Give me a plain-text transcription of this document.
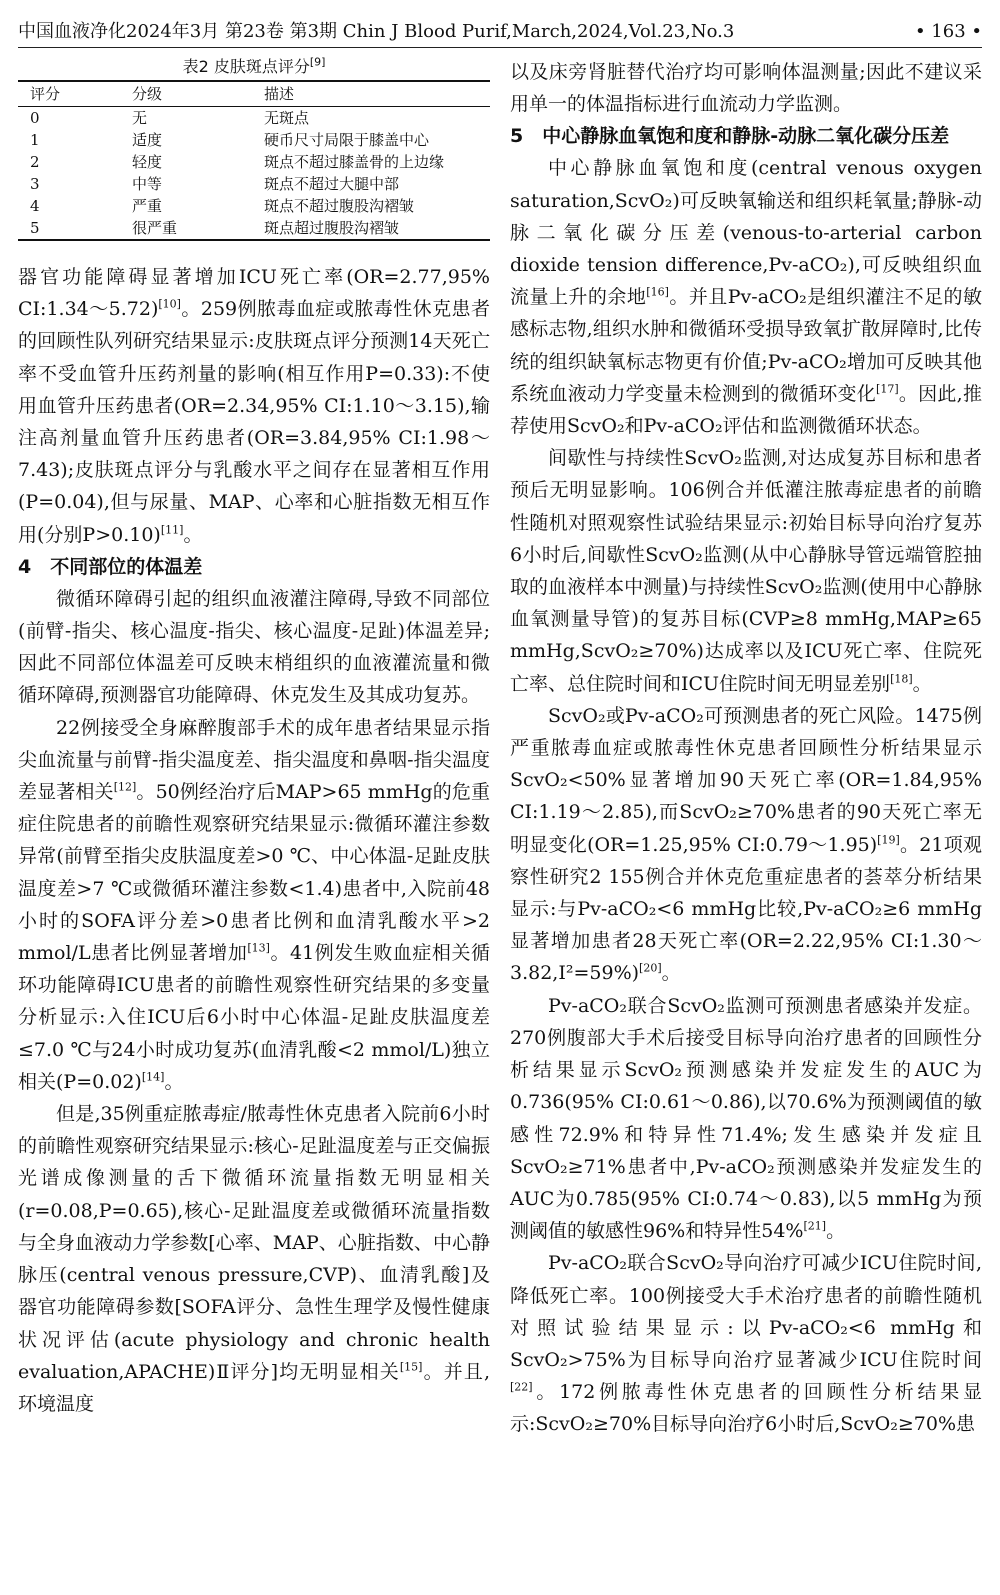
中国血液净化2024年3月 第23卷 第3期 Chin J Blood Purif,March,2024,Vol.23,No.3	• 163 •
表2 皮肤斑点评分[9]
评分	分级	描述
0	无	无斑点
1	适度	硬币尺寸局限于膝盖中心
2	轻度	斑点不超过膝盖骨的上边缘
3	中等	斑点不超过大腿中部
4	严重	斑点不超过腹股沟褶皱
5	很严重	斑点超过腹股沟褶皱

器官功能障碍显著增加ICU死亡率(OR=2.77,95% CI:1.34～5.72)[10]。259例脓毒血症或脓毒性休克患者的回顾性队列研究结果显示:皮肤斑点评分预测14天死亡率不受血管升压药剂量的影响(相互作用P=0.33):不使用血管升压药患者(OR=2.34,95% CI:1.10～3.15),输注高剂量血管升压药患者(OR=3.84,95% CI:1.98～7.43);皮肤斑点评分与乳酸水平之间存在显著相互作用(P=0.04),但与尿量、MAP、心率和心脏指数无相互作用(分别P>0.10)[11]。

4　不同部位的体温差

微循环障碍引起的组织血液灌注障碍,导致不同部位(前臂-指尖、核心温度-指尖、核心温度-足趾)体温差异;因此不同部位体温差可反映末梢组织的血液灌流量和微循环障碍,预测器官功能障碍、休克发生及其成功复苏。

22例接受全身麻醉腹部手术的成年患者结果显示指尖血流量与前臂-指尖温度差、指尖温度和鼻咽-指尖温度差显著相关[12]。50例经治疗后MAP>65 mmHg的危重症住院患者的前瞻性观察研究结果显示:微循环灌注参数异常(前臂至指尖皮肤温度差>0 ℃、中心体温-足趾皮肤温度差>7 ℃或微循环灌注参数<1.4)患者中,入院前48小时的SOFA评分差>0患者比例和血清乳酸水平>2 mmol/L患者比例显著增加[13]。41例发生败血症相关循环功能障碍ICU患者的前瞻性观察性研究结果的多变量分析显示:入住ICU后6小时中心体温-足趾皮肤温度差≤7.0 ℃与24小时成功复苏(血清乳酸<2 mmol/L)独立相关(P=0.02)[14]。

但是,35例重症脓毒症/脓毒性休克患者入院前6小时的前瞻性观察研究结果显示:核心-足趾温度差与正交偏振光谱成像测量的舌下微循环流量指数无明显相关(r=0.08,P=0.65),核心-足趾温度差或微循环流量指数与全身血液动力学参数[心率、MAP、心脏指数、中心静脉压(central venous pressure,CVP)、血清乳酸]及器官功能障碍参数[SOFA评分、急性生理学及慢性健康状况评估(acute physiology and chronic health evaluation,APACHE)Ⅱ评分]均无明显相关[15]。并且,环境温度

以及床旁肾脏替代治疗均可影响体温测量;因此不建议采用单一的体温指标进行血流动力学监测。

5　中心静脉血氧饱和度和静脉-动脉二氧化碳分压差

中心静脉血氧饱和度(central venous oxygen saturation,ScvO₂)可反映氧输送和组织耗氧量;静脉-动脉二氧化碳分压差(venous-to-arterial carbon dioxide tension difference,Pv-aCO₂),可反映组织血流量上升的余地[16]。并且Pv-aCO₂是组织灌注不足的敏感标志物,组织水肿和微循环受损导致氧扩散屏障时,比传统的组织缺氧标志物更有价值;Pv-aCO₂增加可反映其他系统血液动力学变量未检测到的微循环变化[17]。因此,推荐使用ScvO₂和Pv-aCO₂评估和监测微循环状态。

间歇性与持续性ScvO₂监测,对达成复苏目标和患者预后无明显影响。106例合并低灌注脓毒症患者的前瞻性随机对照观察性试验结果显示:初始目标导向治疗复苏6小时后,间歇性ScvO₂监测(从中心静脉导管远端管腔抽取的血液样本中测量)与持续性ScvO₂监测(使用中心静脉血氧测量导管)的复苏目标(CVP≥8 mmHg,MAP≥65 mmHg,ScvO₂≥70%)达成率以及ICU死亡率、住院死亡率、总住院时间和ICU住院时间无明显差别[18]。

ScvO₂或Pv-aCO₂可预测患者的死亡风险。1475例严重脓毒血症或脓毒性休克患者回顾性分析结果显示ScvO₂<50%显著增加90天死亡率(OR=1.84,95% CI:1.19～2.85),而ScvO₂≥70%患者的90天死亡率无明显变化(OR=1.25,95% CI:0.79～1.95)[19]。21项观察性研究2 155例合并休克危重症患者的荟萃分析结果显示:与Pv-aCO₂<6 mmHg比较,Pv-aCO₂≥6 mmHg显著增加患者28天死亡率(OR=2.22,95% CI:1.30～3.82,I²=59%)[20]。

Pv-aCO₂联合ScvO₂监测可预测患者感染并发症。270例腹部大手术后接受目标导向治疗患者的回顾性分析结果显示ScvO₂预测感染并发症发生的AUC为0.736(95% CI:0.61～0.86),以70.6%为预测阈值的敏感性72.9%和特异性71.4%;发生感染并发症且ScvO₂≥71%患者中,Pv-aCO₂预测感染并发症发生的AUC为0.785(95% CI:0.74～0.83),以5 mmHg为预测阈值的敏感性96%和特异性54%[21]。

Pv-aCO₂联合ScvO₂导向治疗可减少ICU住院时间,降低死亡率。100例接受大手术治疗患者的前瞻性随机对照试验结果显示:以Pv-aCO₂<6 mmHg和ScvO₂>75%为目标导向治疗显著减少ICU住院时间[22]。172例脓毒性休克患者的回顾性分析结果显示:ScvO₂≥70%目标导向治疗6小时后,ScvO₂≥70%患
